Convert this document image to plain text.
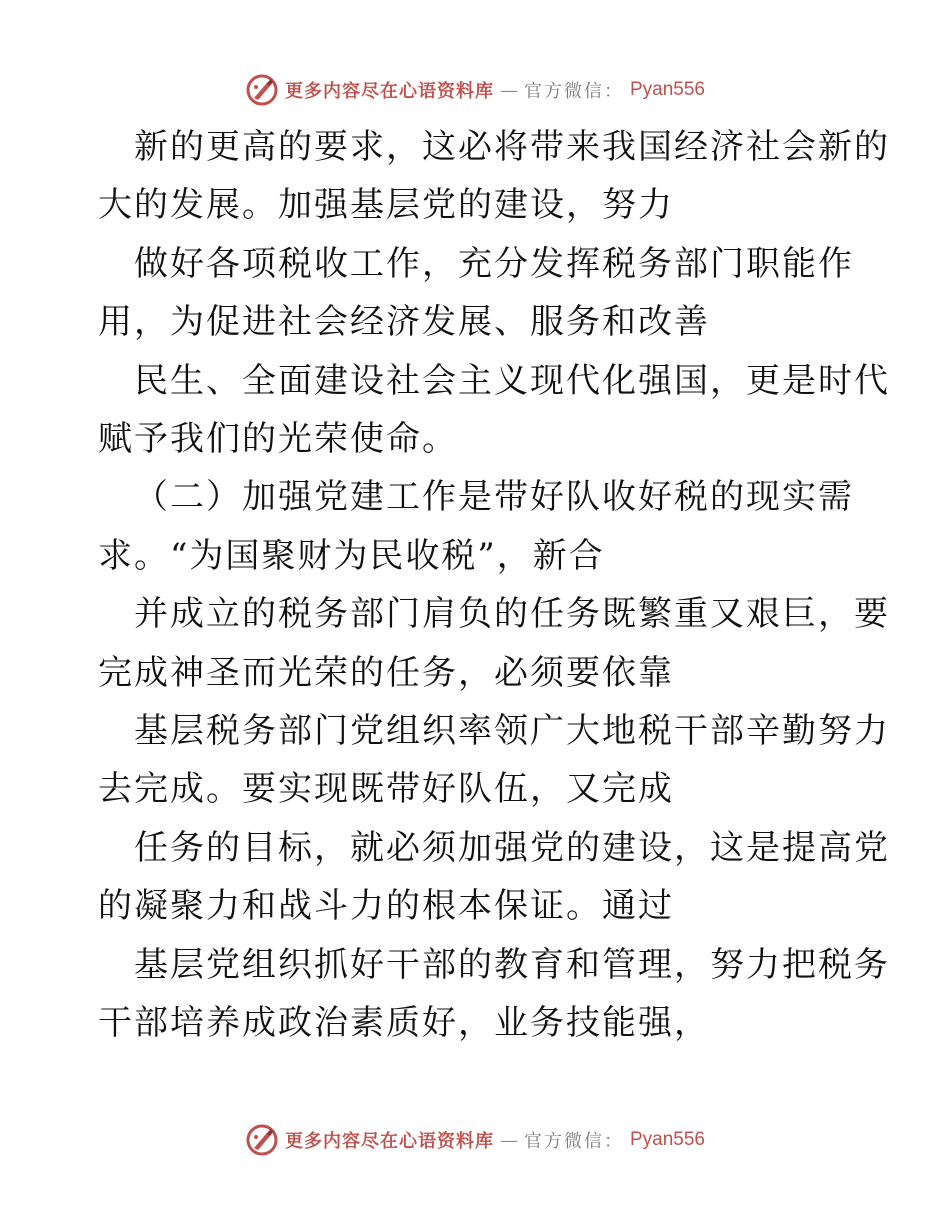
更多内容尽在心语资料库 — 官方微信： Pyan556
新的更高的要求，这必将带来我国经济社会新的
大的发展。加强基层党的建设，努力
做好各项税收工作，充分发挥税务部门职能作
用，为促进社会经济发展、服务和改善
民生、全面建设社会主义现代化强国，更是时代
赋予我们的光荣使命。
（二）加强党建工作是带好队收好税的现实需
求。“为国聚财为民收税”，新合
并成立的税务部门肩负的任务既繁重又艰巨，要
完成神圣而光荣的任务，必须要依靠
基层税务部门党组织率领广大地税干部辛勤努力
去完成。要实现既带好队伍，又完成
任务的目标，就必须加强党的建设，这是提高党
的凝聚力和战斗力的根本保证。通过
基层党组织抓好干部的教育和管理，努力把税务
干部培养成政治素质好，业务技能强，
更多内容尽在心语资料库 — 官方微信： Pyan556
